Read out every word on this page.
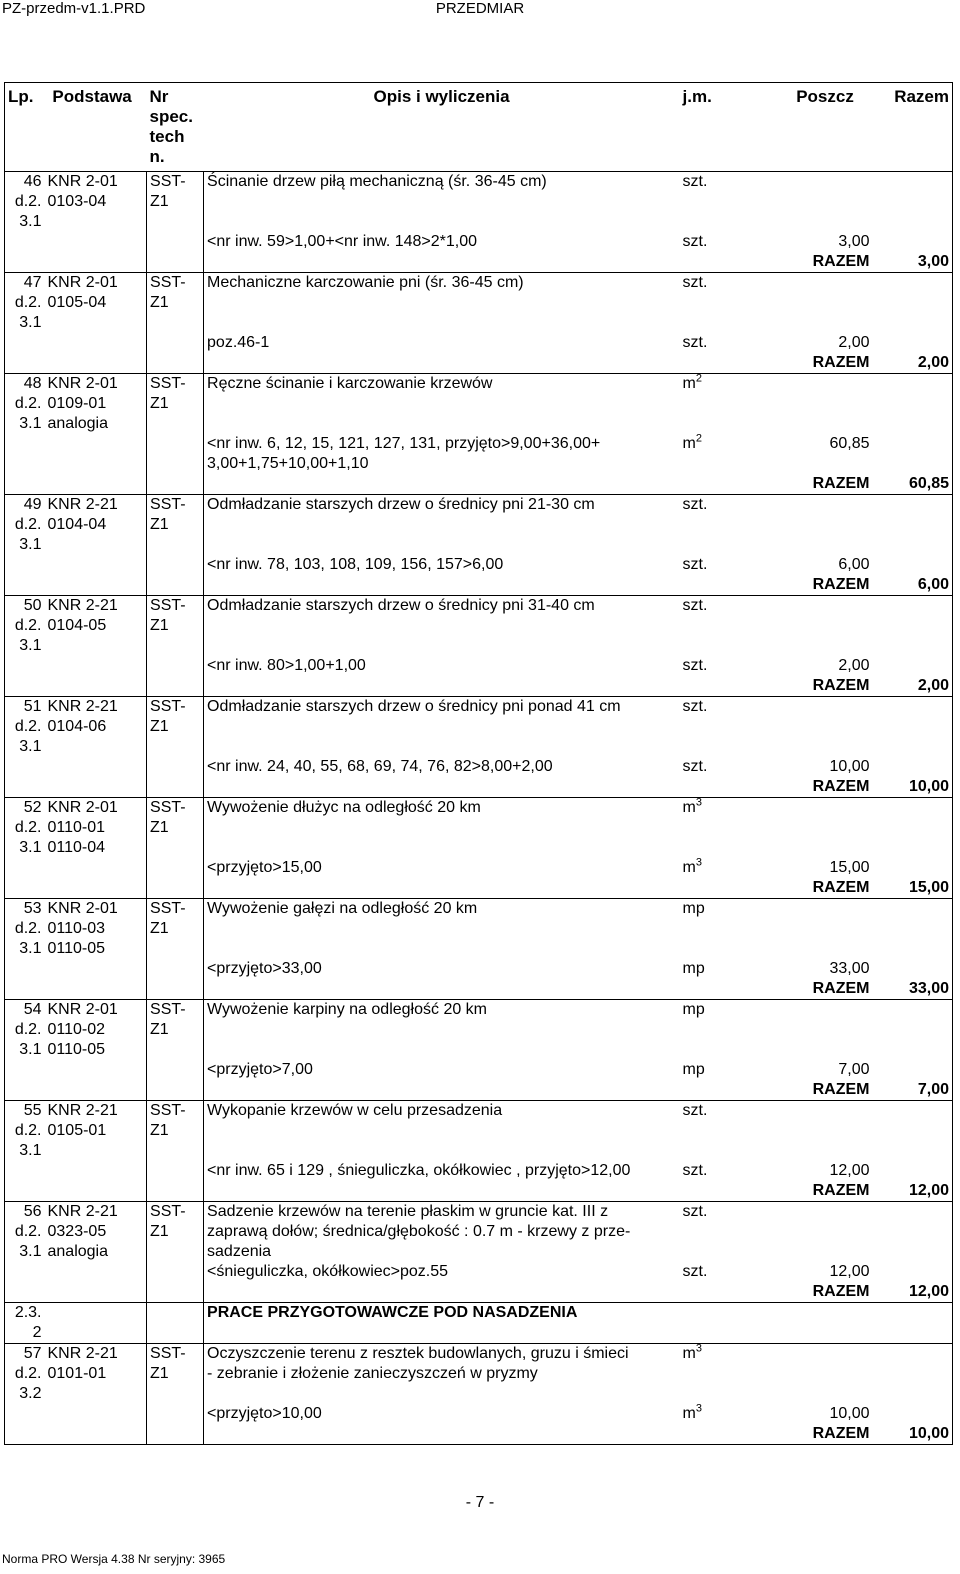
PZ-przedm-v1.1.PRD	PRZEDMIAR
Lp. Podstawa		Nr spec. tech n.	Opis i wyliczenia	j.m.	Poszcz	Razem
46	KNR 2-01	SST-	Ścinanie drzew piłą mechaniczną (śr. 36-45 cm)	szt.		
d.2.	0103-04	Z1				
3.1						
			<nr inw. 59>1,00+<nr inw. 148>2*1,00	szt.	3,00	
					RAZEM	3,00
47	KNR 2-01	SST-	Mechaniczne karczowanie pni (śr. 36-45 cm)	szt.		
d.2.	0105-04	Z1				
3.1						
			poz.46-1	szt.	2,00	
					RAZEM	2,00
48	KNR 2-01	SST-	Ręczne ścinanie i karczowanie krzewów	$m^2$		
d.2.	0109-01	Z1				
3.1	analogia					
			<nr inw. 6, 12, 15, 121, 127, 131, przyjęto>9,00+36,00+	$m^2$	60,85	
			3,00+1,75+10,00+1,10			
					RAZEM	60,85
49	KNR 2-21	SST-	Odmładzanie starszych drzew o średnicy pni 21-30 cm	szt.		
d.2.	0104-04	Z1				
3.1						
			<nr inw. 78, 103, 108, 109, 156, 157>6,00	szt.	6,00	
					RAZEM	6,00
50	KNR 2-21	SST-	Odmładzanie starszych drzew o średnicy pni 31-40 cm	szt.		
d.2.	0104-05	Z1				
3.1						
			<nr inw. 80>1,00+1,00	szt.	2,00	
					RAZEM	2,00
51	KNR 2-21	SST-	Odmładzanie starszych drzew o średnicy pni ponad 41 cm	szt.		
d.2.	0104-06	Z1				
3.1						
			<nr inw. 24, 40, 55, 68, 69, 74, 76, 82>8,00+2,00	szt.	10,00	
					RAZEM	10,00
52	KNR 2-01	SST-	Wywożenie dłużyc na odległość 20 km	$m^3$		
d.2.	0110-01	Z1				
3.1	0110-04					
			<przyjęto>15,00	$m^3$	15,00	
					RAZEM	15,00
53	KNR 2-01	SST-	Wywożenie gałęzi na odległość 20 km	mp		
d.2.	0110-03	Z1				
3.1	0110-05					
			<przyjęto>33,00	mp	33,00	
					RAZEM	33,00
54	KNR 2-01	SST-	Wywożenie karpiny na odległość 20 km	mp		
d.2.	0110-02	Z1				
3.1	0110-05					
			<przyjęto>7,00	mp	7,00	
					RAZEM	7,00
55	KNR 2-21	SST-	Wykopanie krzewów w celu przesadzenia	szt.		
d.2.	0105-01	Z1				
3.1						
			<nr inw. 65 i 129 , śnieguliczka, okółkowiec , przyjęto>12,00	szt.	12,00	
					RAZEM	12,00
56	KNR 2-21	SST-	Sadzenie krzewów na terenie płaskim w gruncie kat. III z	szt.		
d.2.	0323-05	Z1	zaprawą dołów; średnica/głębokość : 0.7 m - krzewy z prze-			
3.1	analogia		sadzenia			
			<śnieguliczka, okółkowiec>poz.55	szt.	12,00	
					RAZEM	12,00
2.3.			PRACE PRZYGOTOWAWCZE POD NASADZENIA			
2						
57	KNR 2-21	SST-	Oczyszczenie terenu z resztek budowlanych, gruzu i śmieci	$m^3$		
d.2.	0101-01	Z1	- zebranie i złożenie zanieczyszczeń w pryzmy			
3.2						
			<przyjęto>10,00	$m^3$	10,00	
					RAZEM	10,00
- 7 -
Norma PRO Wersja 4.38 Nr seryjny: 3965
